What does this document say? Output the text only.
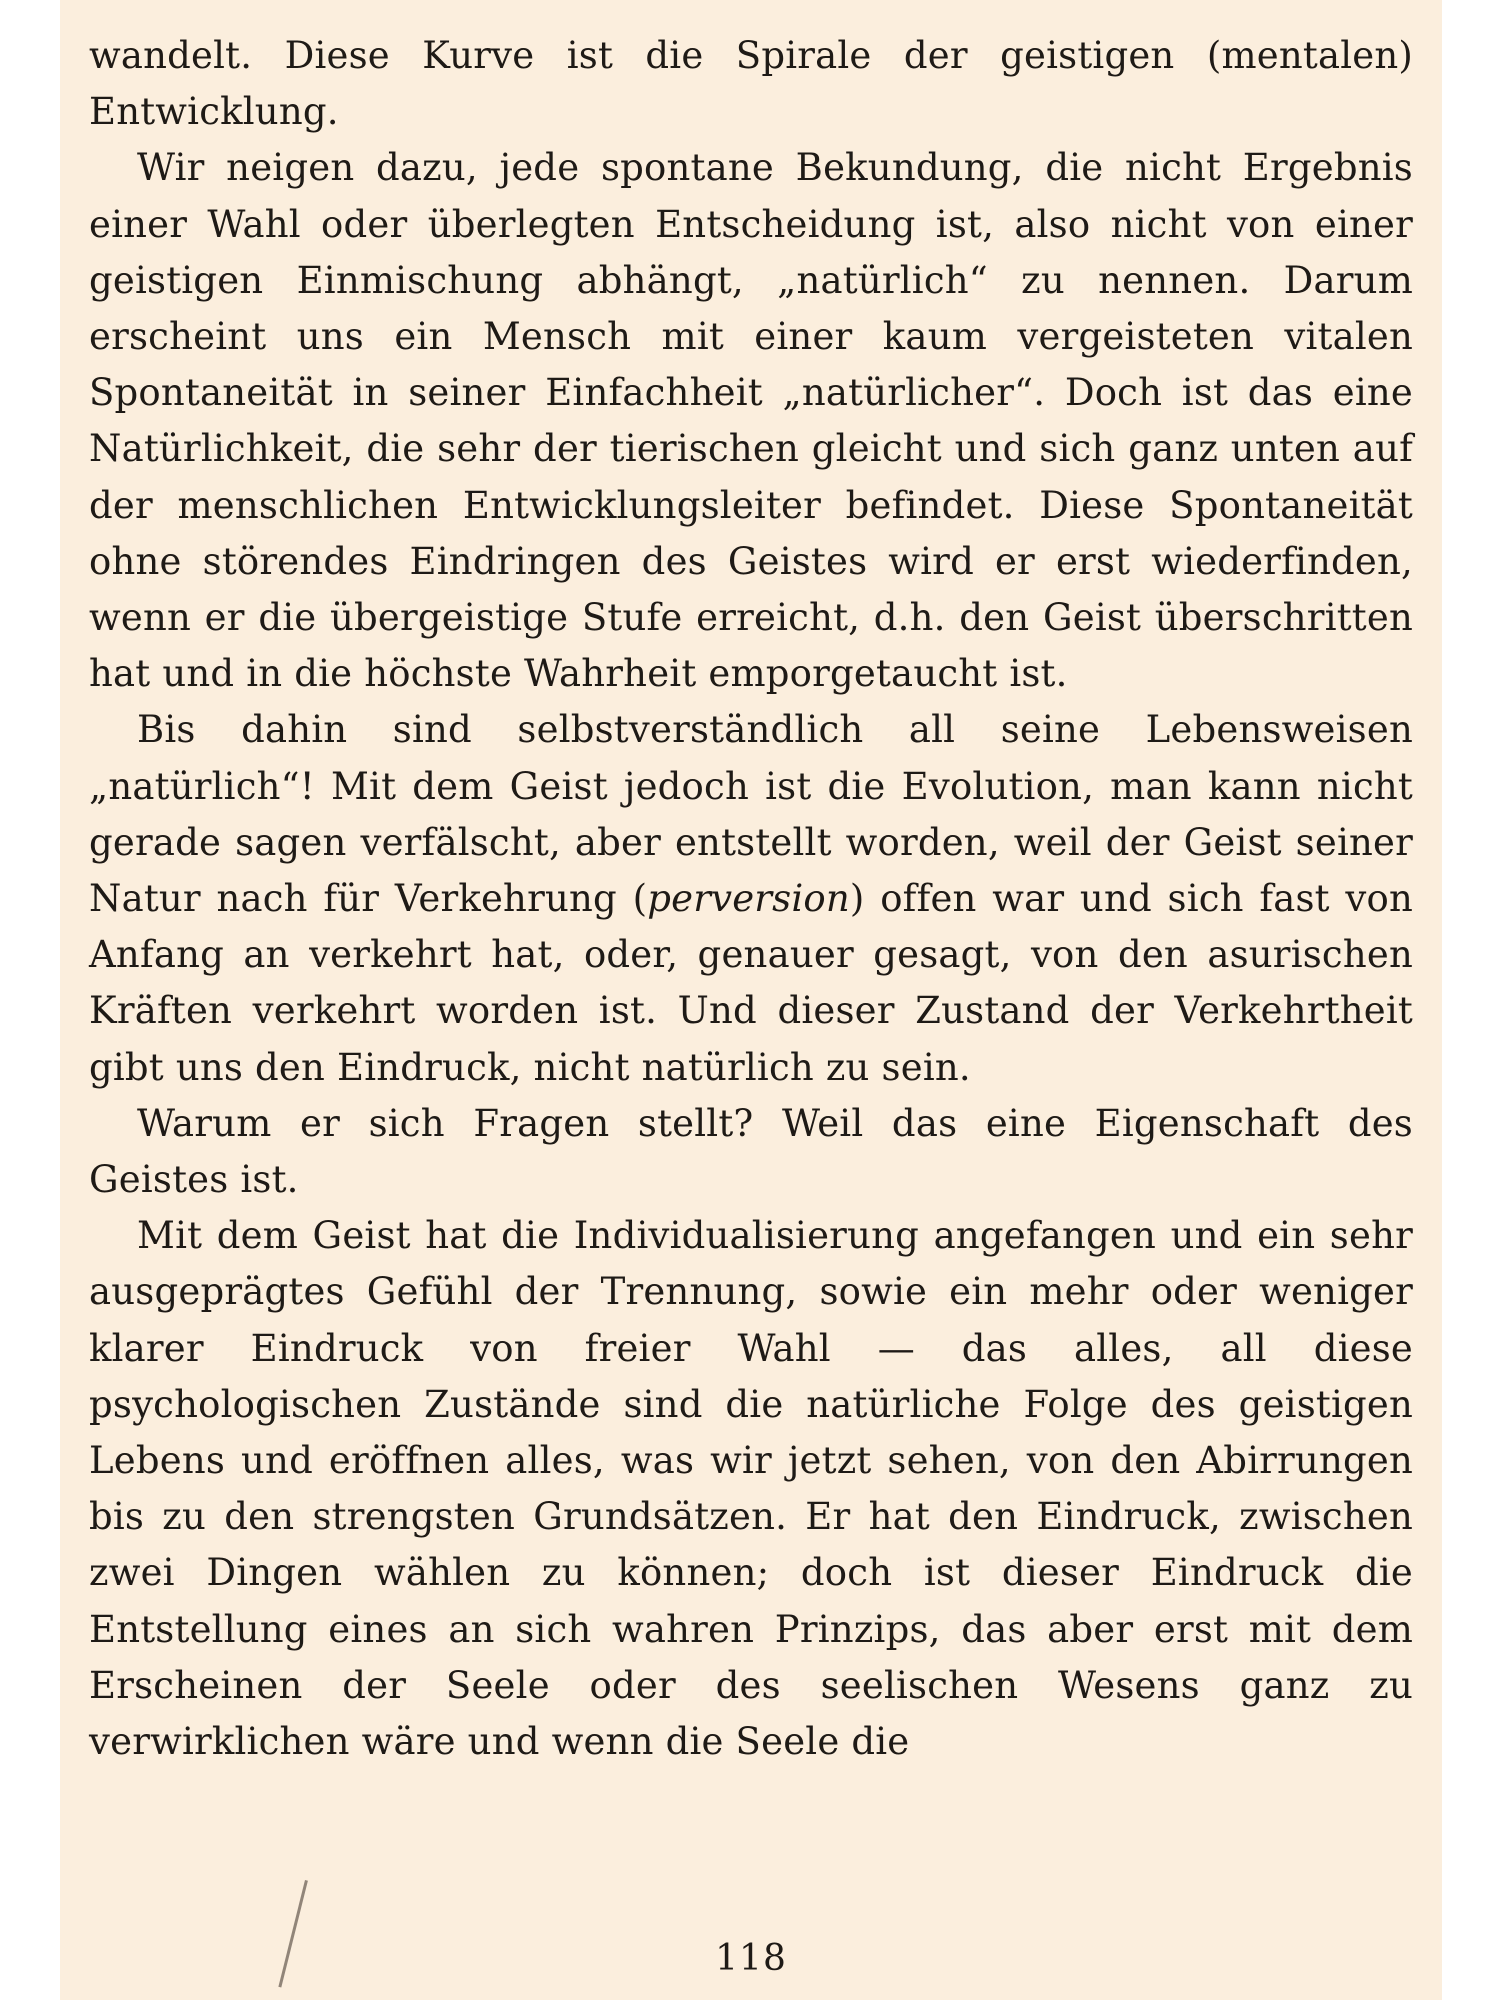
wandelt. Diese Kurve ist die Spirale der geistigen (mentalen) Entwicklung.

Wir neigen dazu, jede spontane Bekundung, die nicht Ergebnis einer Wahl oder überlegten Entscheidung ist, also nicht von einer geistigen Einmischung abhängt, „natürlich“ zu nennen. Darum erscheint uns ein Mensch mit einer kaum vergeisteten vitalen Spontaneität in seiner Einfachheit „natürlicher“. Doch ist das eine Natürlichkeit, die sehr der tierischen gleicht und sich ganz unten auf der menschlichen Entwicklungsleiter befindet. Diese Spontaneität ohne störendes Eindringen des Geistes wird er erst wiederfinden, wenn er die übergeistige Stufe erreicht, d.h. den Geist überschritten hat und in die höchste Wahrheit emporgetaucht ist.

Bis dahin sind selbstverständlich all seine Lebensweisen „natürlich“! Mit dem Geist jedoch ist die Evolution, man kann nicht gerade sagen verfälscht, aber entstellt worden, weil der Geist seiner Natur nach für Verkehrung (perversion) offen war und sich fast von Anfang an verkehrt hat, oder, genauer gesagt, von den asurischen Kräften verkehrt worden ist. Und dieser Zustand der Verkehrtheit gibt uns den Eindruck, nicht natürlich zu sein.

Warum er sich Fragen stellt? Weil das eine Eigenschaft des Geistes ist.

Mit dem Geist hat die Individualisierung angefangen und ein sehr ausgeprägtes Gefühl der Trennung, sowie ein mehr oder weniger klarer Eindruck von freier Wahl — das alles, all diese psychologischen Zustände sind die natürliche Folge des geistigen Lebens und eröffnen alles, was wir jetzt sehen, von den Abirrungen bis zu den strengsten Grundsätzen. Er hat den Eindruck, zwischen zwei Dingen wählen zu können; doch ist dieser Eindruck die Entstellung eines an sich wahren Prinzips, das aber erst mit dem Erscheinen der Seele oder des seelischen Wesens ganz zu verwirklichen wäre und wenn die Seele die

118
